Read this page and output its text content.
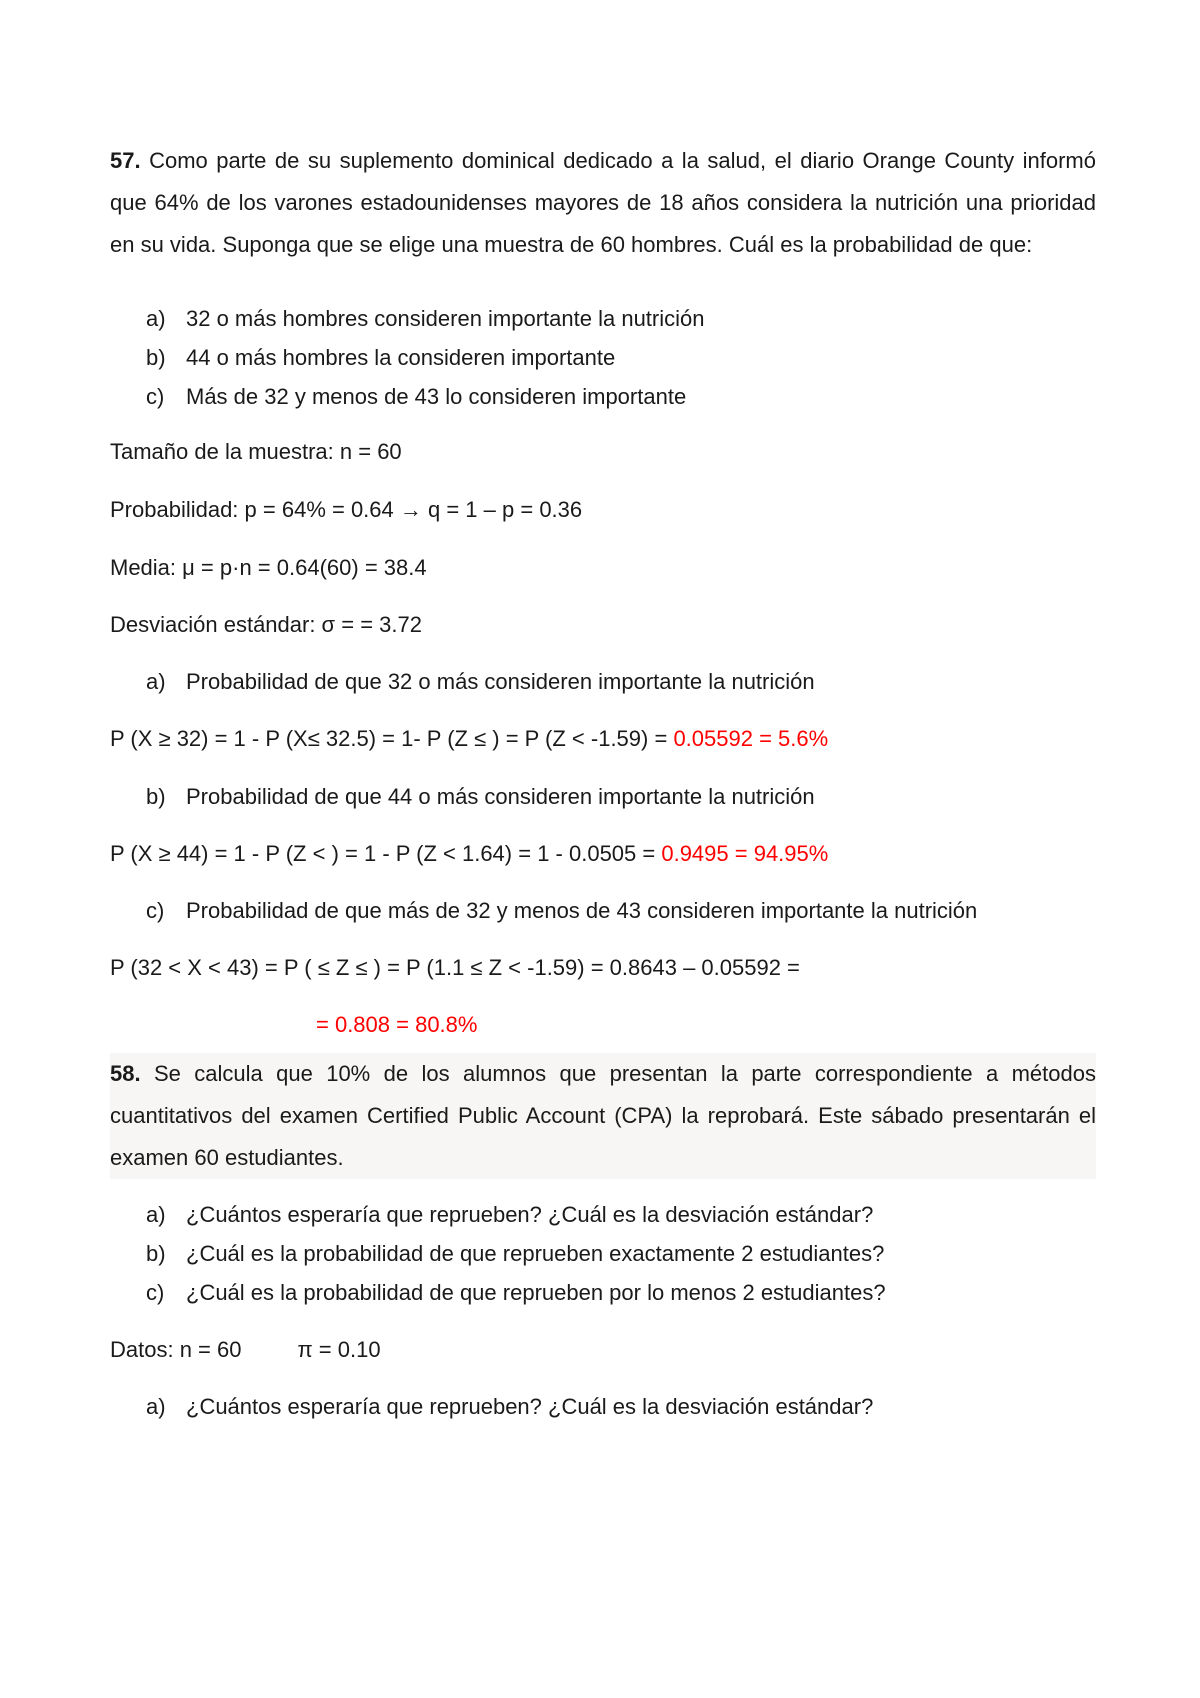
57. Como parte de su suplemento dominical dedicado a la salud, el diario Orange County informó que 64% de los varones estadounidenses mayores de 18 años considera la nutrición una prioridad en su vida. Suponga que se elige una muestra de 60 hombres. Cuál es la probabilidad de que:

a) 32 o más hombres consideren importante la nutrición
b) 44 o más hombres la consideren importante
c) Más de 32 y menos de 43 lo consideren importante
Tamaño de la muestra: n = 60
Probabilidad: p = 64% = 0.64 → q = 1 – p = 0.36
Media: μ = p·n = 0.64(60) = 38.4
Desviación estándar: σ = = 3.72
a) Probabilidad de que 32 o más consideren importante la nutrición
P (X ≥ 32) = 1 - P (X≤ 32.5) = 1- P (Z ≤ ) = P (Z < -1.59) = 0.05592 = 5.6%
b) Probabilidad de que 44 o más consideren importante la nutrición
P (X ≥ 44) = 1 - P (Z < ) = 1 - P (Z < 1.64) = 1 - 0.0505 = 0.9495 = 94.95%
c) Probabilidad de que más de 32 y menos de 43 consideren importante la nutrición
P (32 < X < 43) = P ( ≤ Z ≤ ) = P (1.1 ≤ Z < -1.59) = 0.8643 – 0.05592 =
= 0.808 = 80.8%

58. Se calcula que 10% de los alumnos que presentan la parte correspondiente a métodos cuantitativos del examen Certified Public Account (CPA) la reprobará. Este sábado presentarán el examen 60 estudiantes.

a) ¿Cuántos esperaría que reprueben? ¿Cuál es la desviación estándar?
b) ¿Cuál es la probabilidad de que reprueben exactamente 2 estudiantes?
c) ¿Cuál es la probabilidad de que reprueben por lo menos 2 estudiantes?
Datos: n = 60	π = 0.10
a) ¿Cuántos esperaría que reprueben? ¿Cuál es la desviación estándar?
